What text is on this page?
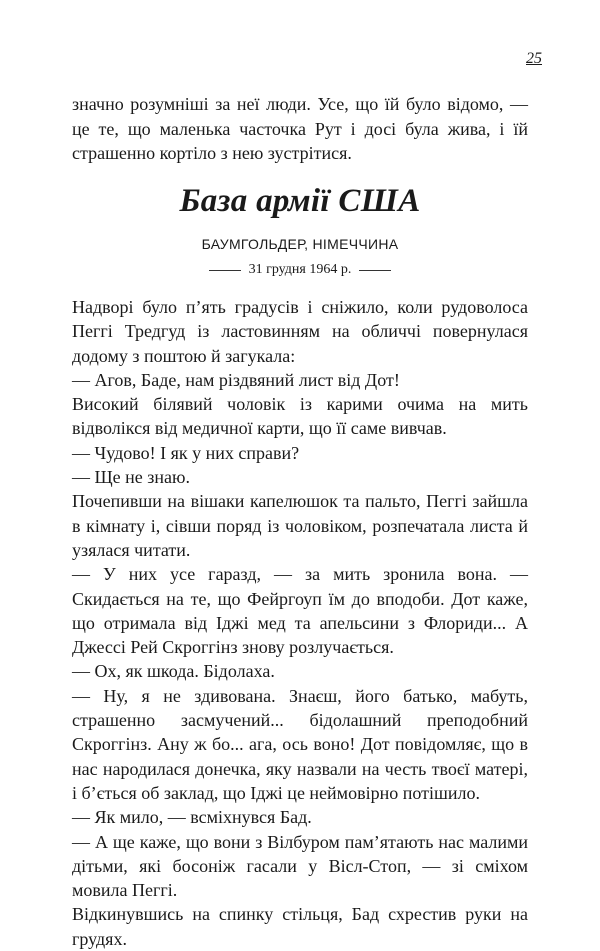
25

значно розумніші за неї люди. Усе, що їй було відомо, — це те, що маленька часточка Рут і досі була жива, і їй страшенно кортіло з нею зустрітися.

База армії США
БАУМГОЛЬДЕР, НІМЕЧЧИНА
31 грудня 1964 р.

Надворі було п’ять градусів і сніжило, коли рудоволоса Пеггі Тредгуд із ластовинням на обличчі повернулася додому з поштою й загукала:

— Агов, Баде, нам різдвяний лист від Дот!

Високий білявий чоловік із карими очима на мить відволікся від медичної карти, що її саме вивчав.

— Чудово! І як у них справи?

— Ще не знаю.

Почепивши на вішаки капелюшок та пальто, Пеггі зайшла в кімнату і, сівши поряд із чоловіком, розпечатала листа й узялася читати.

— У них усе гаразд, — за мить зронила вона. — Скидається на те, що Фейргоуп їм до вподоби. Дот каже, що отримала від Іджі мед та апельсини з Флориди... А Джессі Рей Скроггінз знову розлучається.

— Ох, як шкода. Бідолаха.

— Ну, я не здивована. Знаєш, його батько, мабуть, страшенно засмучений... бідолашний преподобний Скроггінз. Ану ж бо... ага, ось воно! Дот повідомляє, що в нас народилася донечка, яку назвали на честь твоєї матері, і б’ється об заклад, що Іджі це неймовірно потішило.

— Як мило, — всміхнувся Бад.

— А ще каже, що вони з Вілбуром пам’ятають нас малими дітьми, які босоніж гасали у Вісл-Стоп, — зі сміхом мовила Пеггі.

Відкинувшись на спинку стільця, Бад схрестив руки на грудях.
